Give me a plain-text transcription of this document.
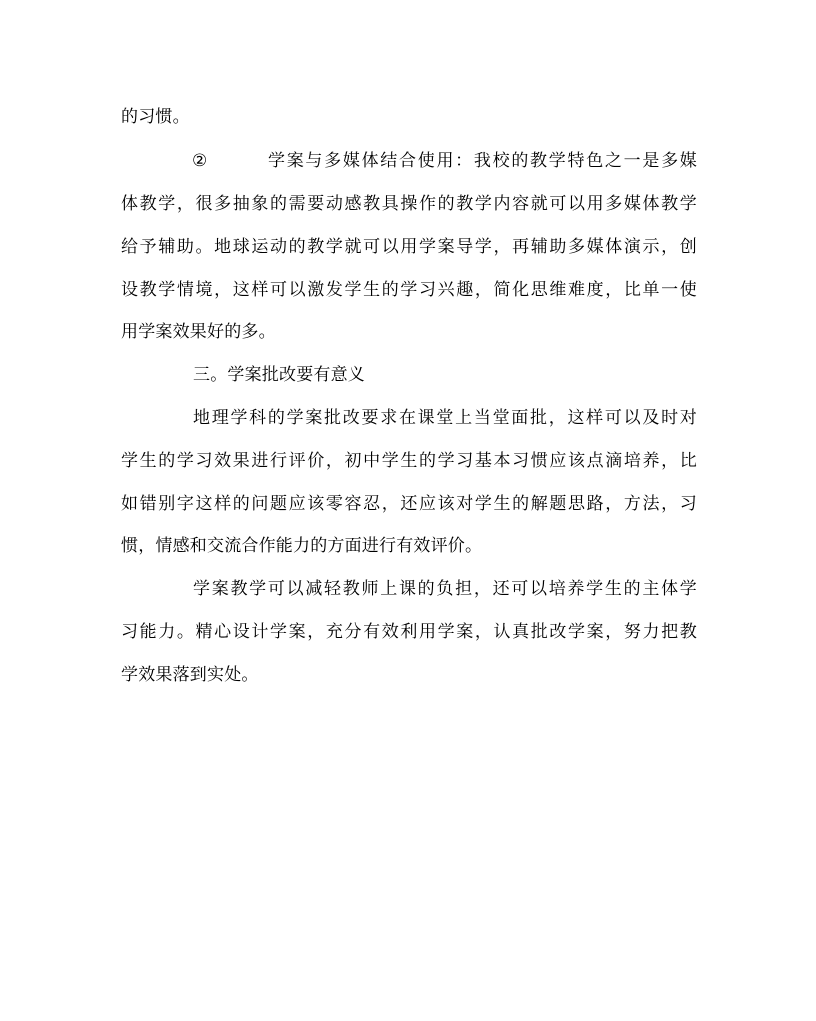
的习惯。
②	学案与多媒体结合使用：我校的教学特色之一是多媒
体教学，很多抽象的需要动感教具操作的教学内容就可以用多媒体教学
给予辅助。地球运动的教学就可以用学案导学，再辅助多媒体演示，创
设教学情境，这样可以激发学生的学习兴趣，简化思维难度，比单一使
用学案效果好的多。
三。学案批改要有意义
地理学科的学案批改要求在课堂上当堂面批，这样可以及时对
学生的学习效果进行评价，初中学生的学习基本习惯应该点滴培养，比
如错别字这样的问题应该零容忍，还应该对学生的解题思路，方法，习
惯，情感和交流合作能力的方面进行有效评价。
学案教学可以减轻教师上课的负担，还可以培养学生的主体学
习能力。精心设计学案，充分有效利用学案，认真批改学案，努力把教
学效果落到实处。
